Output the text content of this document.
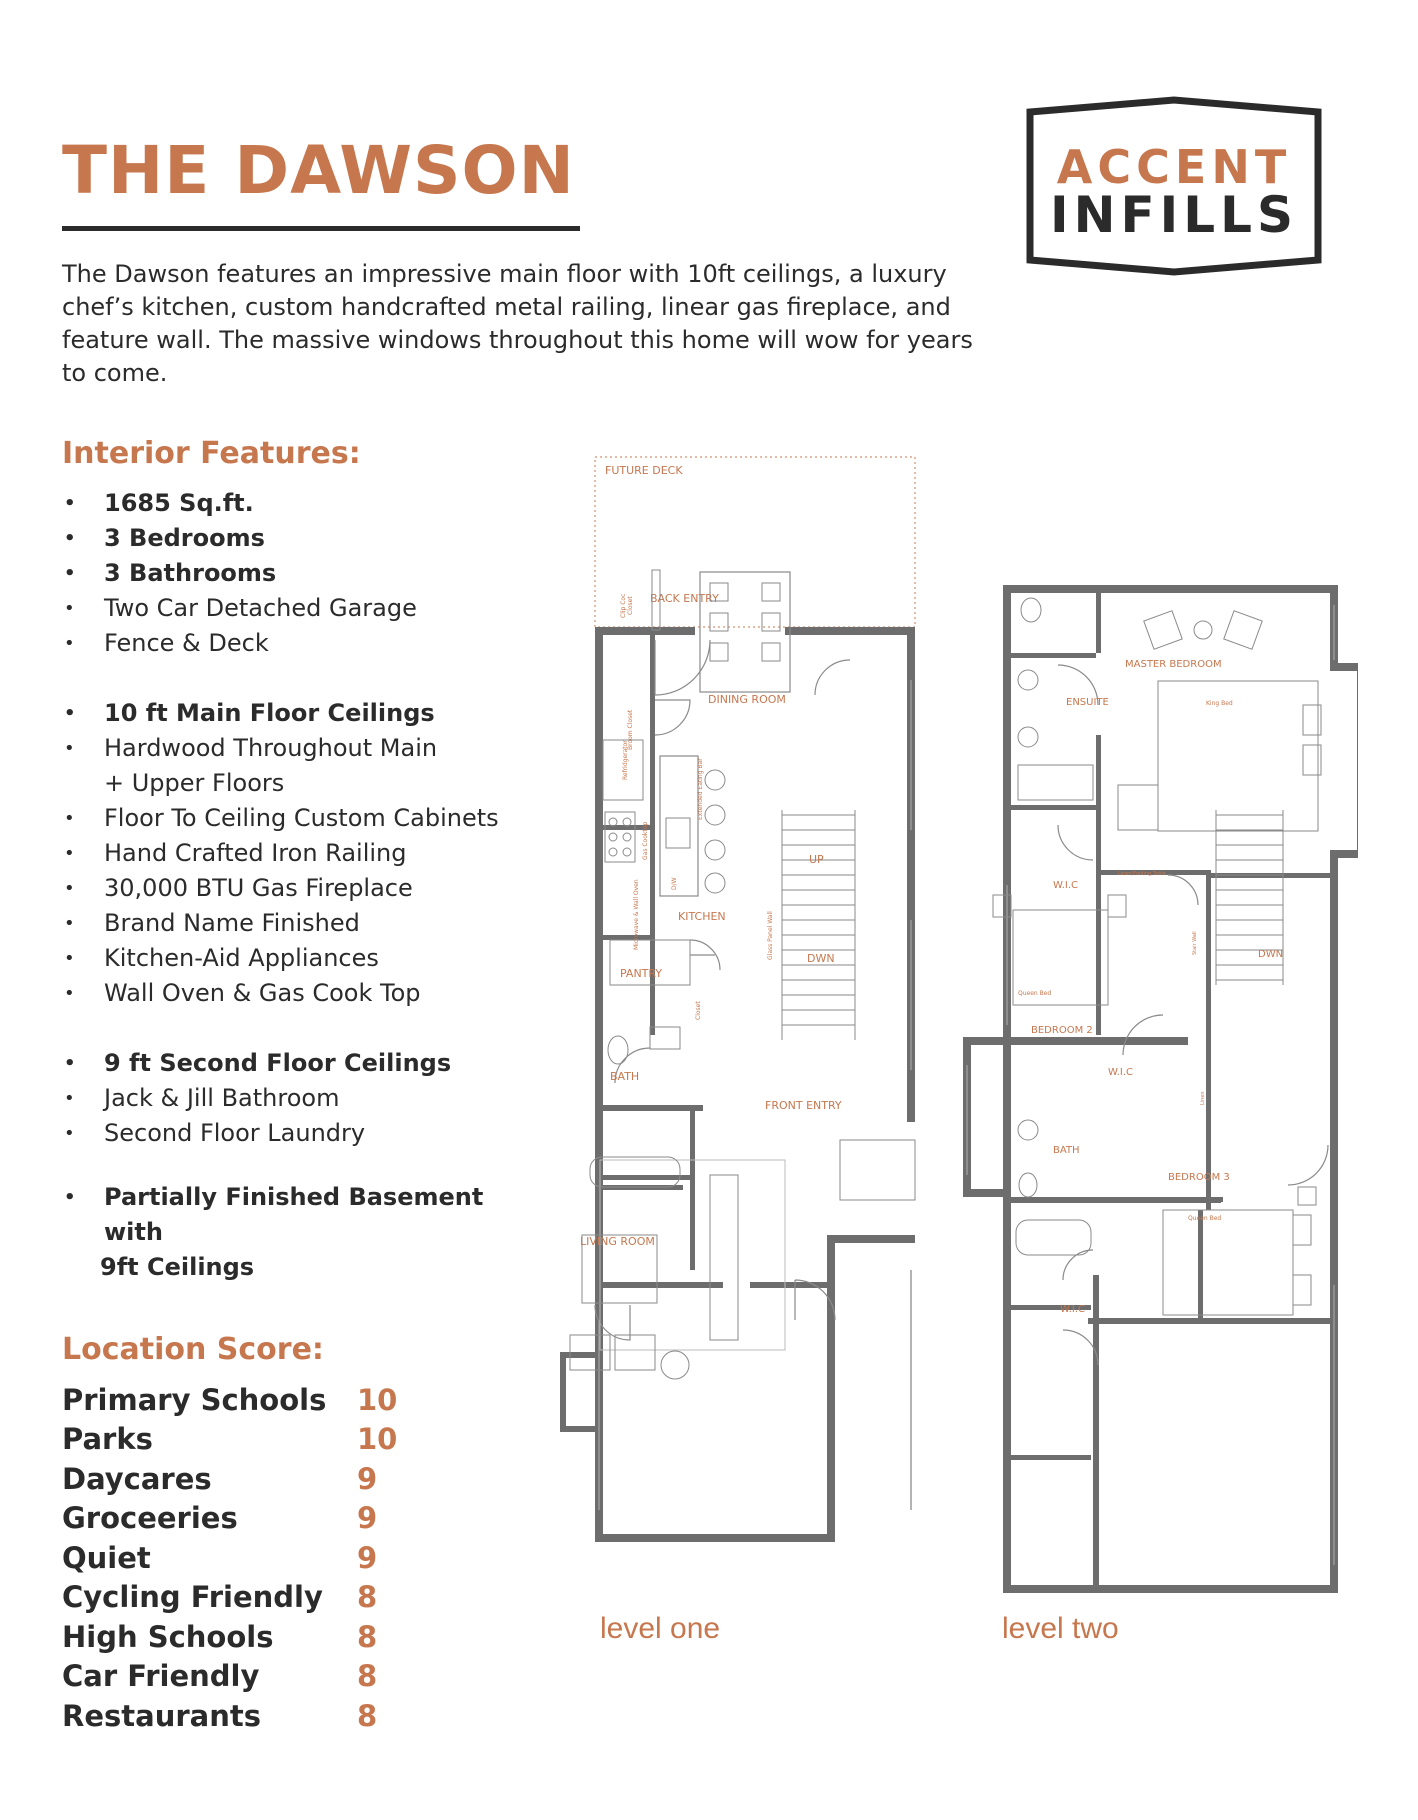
THE DAWSON

The Dawson features an impressive main floor with 10ft ceilings, a luxury chef’s kitchen, custom handcrafted metal railing, linear gas fireplace, and feature wall. The massive windows throughout this home will wow for years to come.

ACCENT
INFILLS
Interior Features:
• 1685 Sq.ft.
• 3 Bedrooms
• 3 Bathrooms
• Two Car Detached Garage
• Fence & Deck
• 10 ft Main Floor Ceilings
• Hardwood Throughout Main
+ Upper Floors
• Floor To Ceiling Custom Cabinets
• Hand Crafted Iron Railing
• 30,000 BTU Gas Fireplace
• Brand Name Finished
• Kitchen-Aid Appliances
• Wall Oven & Gas Cook Top
• 9 ft Second Floor Ceilings
• Jack & Jill Bathroom
• Second Floor Laundry
• Partially Finished Basement with
9ft Ceilings
Location Score:
Primary Schools	10
Parks	10
Daycares	9
Groceeries	9
Quiet	9
Cycling Friendly	8
High Schools	8
Car Friendly	8
Restaurants	8
FUTURE DECK
BACK ENTRY
Clip Coc
DINING ROOM
Refridgerator
Gas Cooktop
Microwave & Wall Oven
Extended Eating Bar
D/W
Closet
Broom Closet
KITCHEN
UP
DWN
Glass Panel Wall
PANTRY
Closet
BATH
FRONT ENTRY
LIVING ROOM
level one
MASTER BEDROOM
King Bed
ENSUITE
W.I.C
Linen/Folding Table
DWN
Stair Wall
BEDROOM 2
Queen Bed
W.I.C
Linen
BATH
BEDROOM 3
Queen Bed
W.I.C
level two
